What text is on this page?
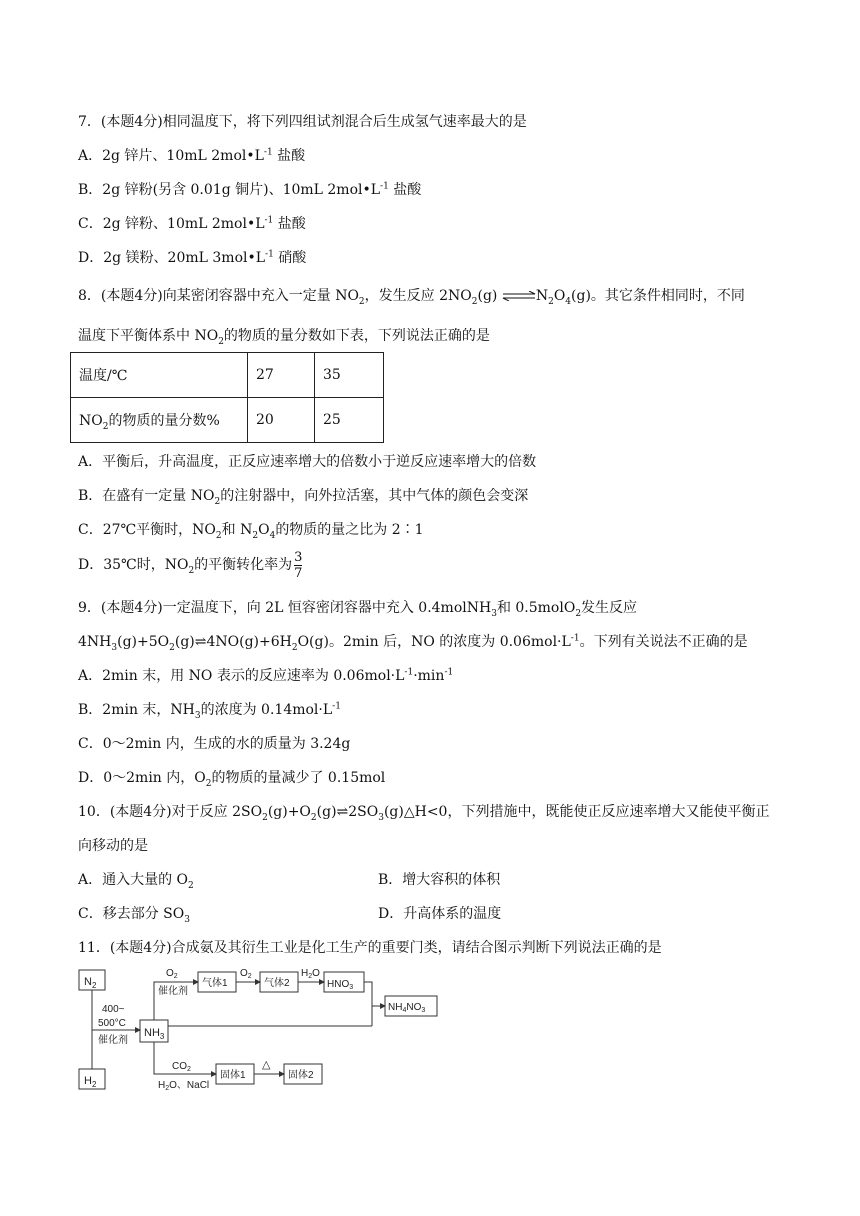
7．(本题4分)相同温度下，将下列四组试剂混合后生成氢气速率最大的是
A．2g 锌片、10mL $2mol•L^{-1}$ 盐酸
B．2g 锌粉(另含 0.01g 铜片)、10mL $2mol•L^{-1}$ 盐酸
C．2g 锌粉、10mL $2mol•L^{-1}$ 盐酸
D．2g 镁粉、20mL $3mol•L^{-1}$ 硝酸
8．(本题4分)向某密闭容器中充入一定量 $NO_2$，发生反应 $2NO_2(g)$ $\rightleftharpoons N_2O_4(g)$。其它条件相同时，不同
温度下平衡体系中 $NO_2$的物质的量分数如下表，下列说法正确的是
温度/℃	27	35
$NO_2$的物质的量分数%	20	25
A．平衡后，升高温度，正反应速率增大的倍数小于逆反应速率增大的倍数
B．在盛有一定量 $NO_2$的注射器中，向外拉活塞，其中气体的颜色会变深
C．27℃平衡时，$NO_2$和 $N_2O_4$的物质的量之比为 2∶1
D．35℃时，$NO_2$的平衡转化率为 $\frac{3}{7}$
9．(本题4分)一定温度下，向 2L 恒容密闭容器中充入 0.4molNH$_3$和 0.5molO$_2$发生反应
$4NH_3(g)+5O_2(g)\rightleftharpoons 4NO(g)+6H_2O(g)$。2min 后，NO 的浓度为 $0.06mol\cdot L^{-1}$。下列有关说法不正确的是
A．2min 末，用 NO 表示的反应速率为 $0.06mol\cdot L^{-1}\cdot\min^{-1}$
B．2min 末，$NH_3$的浓度为 $0.14mol\cdot L^{-1}$
C．0～2min 内，生成的水的质量为 3.24g
D．0～2min 内，$O_2$的物质的量减少了 0.15mol
10．(本题4分)对于反应 $2SO_2(g)+O_2(g)\rightleftharpoons 2SO_3(g)\triangle H<0$，下列措施中，既能使正反应速率增大又能使平衡正
向移动的是
A．通入大量的 $O_2$	B．增大容积的体积
C．移去部分 $SO_3$	D．升高体系的温度
11．(本题4分)合成氨及其衍生工业是化工生产的重要门类，请结合图示判断下列说法正确的是
$N_2$
$H_2$
400~
500°C
催化剂
$NH_3$
$O_2$
催化剂
气体1
$O_2$
气体2
$H_2O$
$HNO_3$
$NH_4NO_3$
$CO_2$
$H_2O$、NaCl
固体1
△
固体2
